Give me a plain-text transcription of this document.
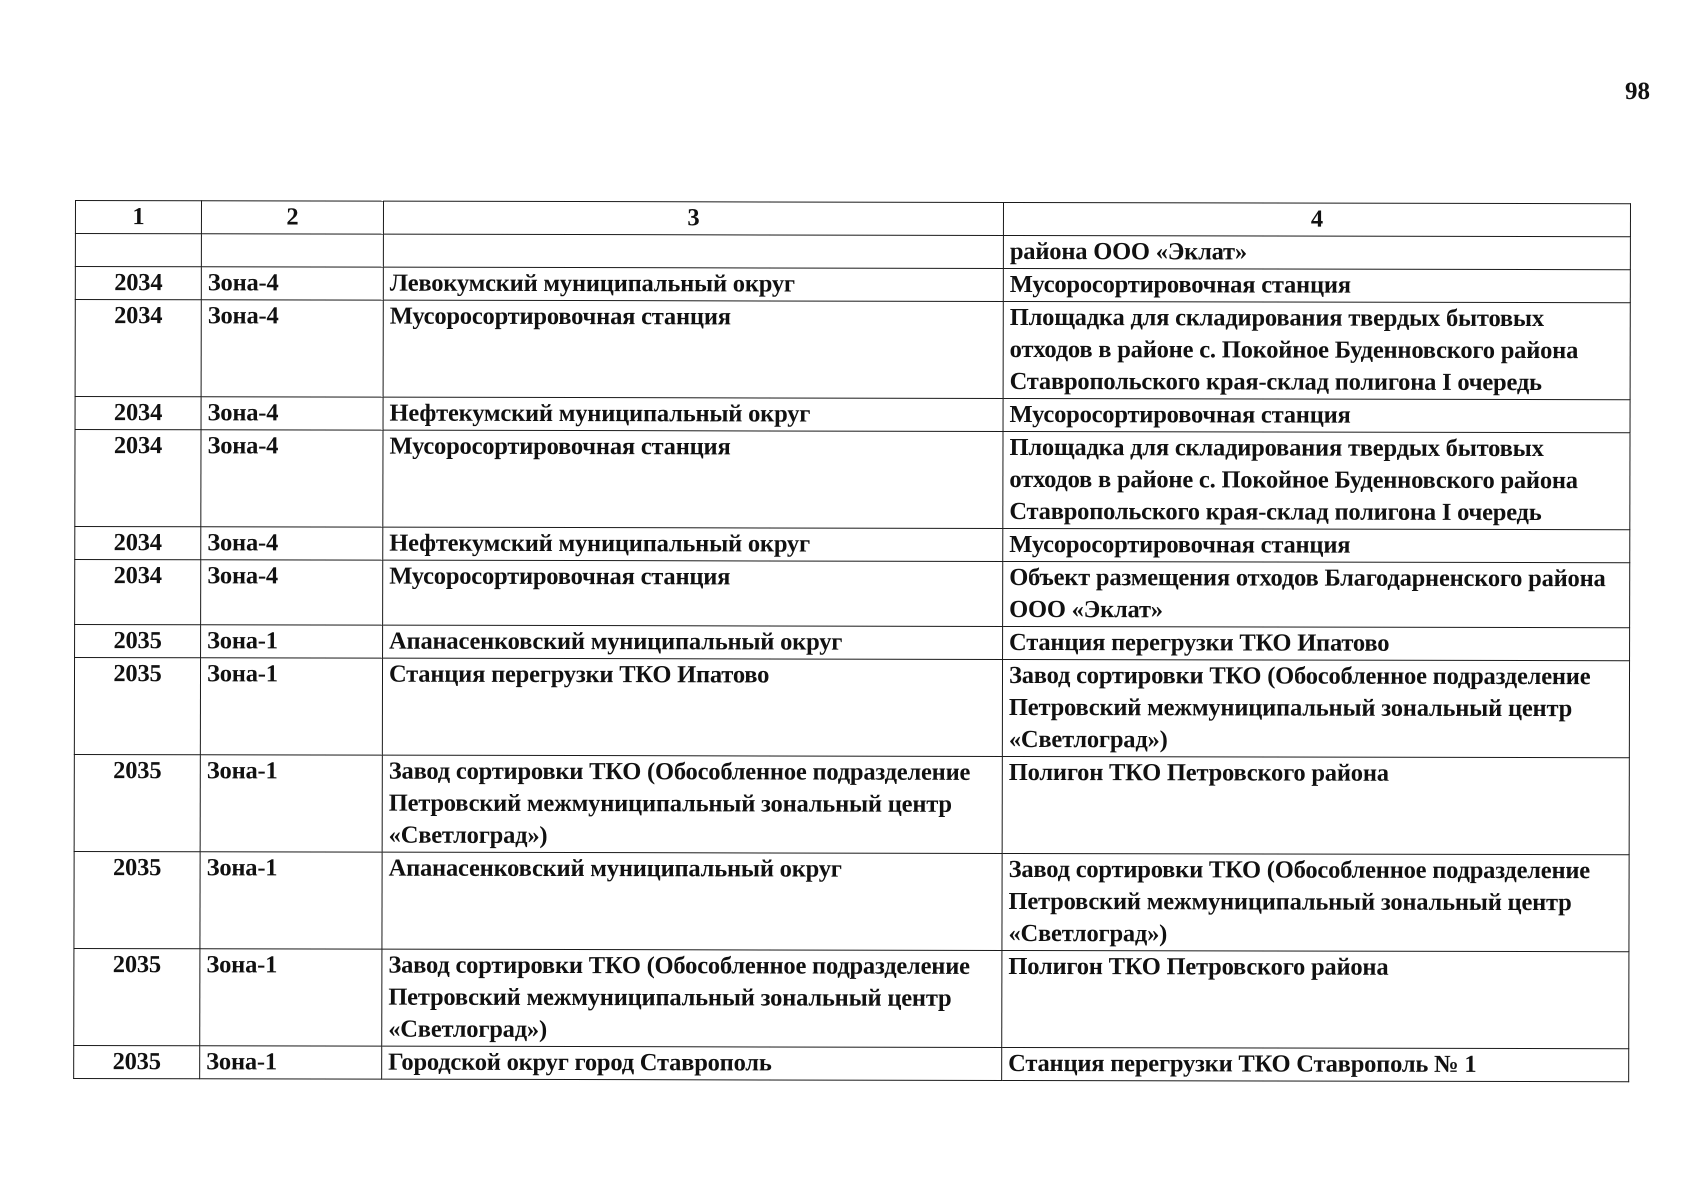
98
1	2	3	4
			района ООО «Эклат»
2034	Зона-4	Левокумский муниципальный округ	Мусоросортировочная станция
2034	Зона-4	Мусоросортировочная станция	Площадка для складирования твердых бытовых отходов в районе с. Покойное Буденновского района Ставропольского края-склад полигона I очередь
2034	Зона-4	Нефтекумский муниципальный округ	Мусоросортировочная станция
2034	Зона-4	Мусоросортировочная станция	Площадка для складирования твердых бытовых отходов в районе с. Покойное Буденновского района Ставропольского края-склад полигона I очередь
2034	Зона-4	Нефтекумский муниципальный округ	Мусоросортировочная станция
2034	Зона-4	Мусоросортировочная станция	Объект размещения отходов Благодарненского района ООО «Эклат»
2035	Зона-1	Апанасенковский муниципальный округ	Станция перегрузки ТКО Ипатово
2035	Зона-1	Станция перегрузки ТКО Ипатово	Завод сортировки ТКО (Обособленное подразделение Петровский межмуниципальный зональный центр «Светлоград»)
2035	Зона-1	Завод сортировки ТКО (Обособленное подразделение Петровский межмуниципальный зональный центр «Светлоград»)	Полигон ТКО Петровского района
2035	Зона-1	Апанасенковский муниципальный округ	Завод сортировки ТКО (Обособленное подразделение Петровский межмуниципальный зональный центр «Светлоград»)
2035	Зона-1	Завод сортировки ТКО (Обособленное подразделение Петровский межмуниципальный зональный центр «Светлоград»)	Полигон ТКО Петровского района
2035	Зона-1	Городской округ город Ставрополь	Станция перегрузки ТКО Ставрополь № 1
